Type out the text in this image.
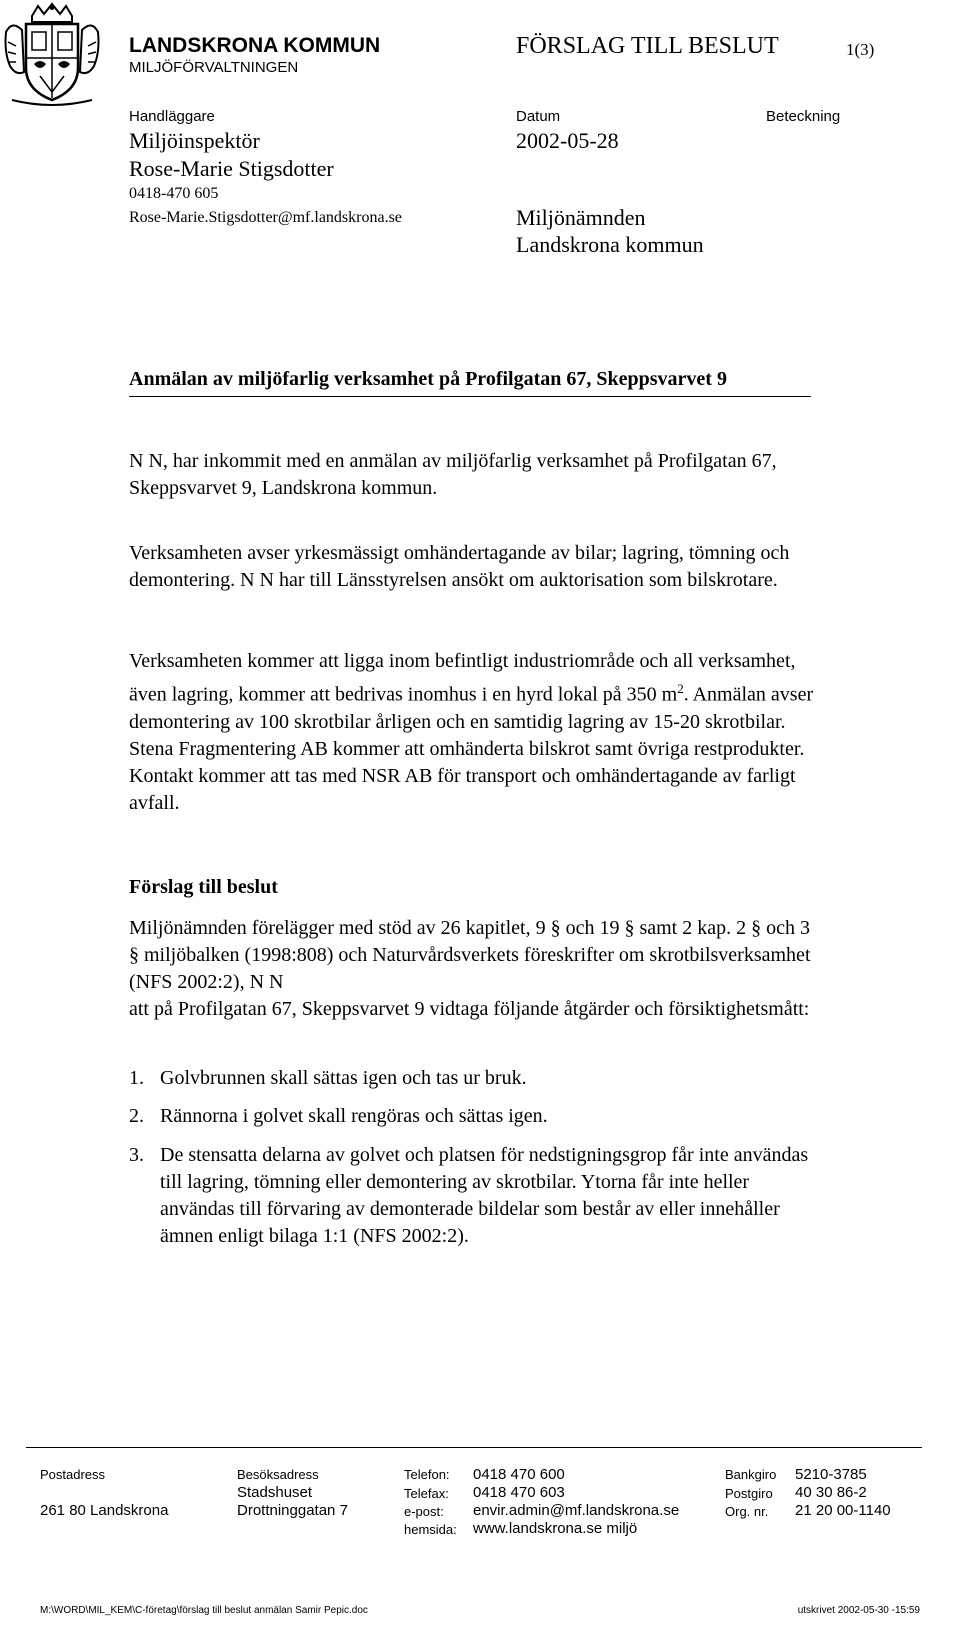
LANDSKRONA KOMMUN
MILJÖFÖRVALTNINGEN
FÖRSLAG TILL BESLUT	1(3)
Handläggare	Datum	Beteckning
Miljöinspektör
Rose-Marie Stigsdotter
0418-470 605
Rose-Marie.Stigsdotter@mf.landskrona.se
2002-05-28
Miljönämnden
Landskrona kommun
Anmälan av miljöfarlig verksamhet på Profilgatan 67, Skeppsvarvet 9
N N, har inkommit med en anmälan av miljöfarlig verksamhet på Profilgatan 67, Skeppsvarvet 9, Landskrona kommun.
Verksamheten avser yrkesmässigt omhändertagande av bilar; lagring, tömning och demontering. N N har till Länsstyrelsen ansökt om auktorisation som bilskrotare.
Verksamheten kommer att ligga inom befintligt industriområde och all verksamhet, även lagring, kommer att bedrivas inomhus i en hyrd lokal på 350 $m^2$. Anmälan avser demontering av 100 skrotbilar årligen och en samtidig lagring av 15-20 skrotbilar. Stena Fragmentering AB kommer att omhänderta bilskrot samt övriga restprodukter. Kontakt kommer att tas med NSR AB för transport och omhändertagande av farligt avfall.
Förslag till beslut
Miljönämnden förelägger med stöd av 26 kapitlet, 9 § och 19 § samt 2 kap. 2 § och 3 § miljöbalken (1998:808) och Naturvårdsverkets föreskrifter om skrotbilsverksamhet (NFS 2002:2), N N
att på Profilgatan 67, Skeppsvarvet 9 vidtaga följande åtgärder och försiktighetsmått:
1. Golvbrunnen skall sättas igen och tas ur bruk.
2. Rännorna i golvet skall rengöras och sättas igen.
3. De stensatta delarna av golvet och platsen för nedstigningsgrop får inte användas till lagring, tömning eller demontering av skrotbilar. Ytorna får inte heller användas till förvaring av demonterade bildelar som består av eller innehåller ämnen enligt bilaga 1:1 (NFS 2002:2).
Postadress
261 80 Landskrona
Besöksadress
Stadshuset
Drottninggatan 7
Telefon: 0418 470 600
Telefax: 0418 470 603
e-post: envir.admin@mf.landskrona.se
hemsida: www.landskrona.se miljö
Bankgiro 5210-3785
Postgiro 40 30 86-2
Org. nr. 21 20 00-1140
M:\WORD\MIL_KEM\C-företag\förslag till beslut anmälan Samir Pepic.doc	utskrivet 2002-05-30 -15:59
